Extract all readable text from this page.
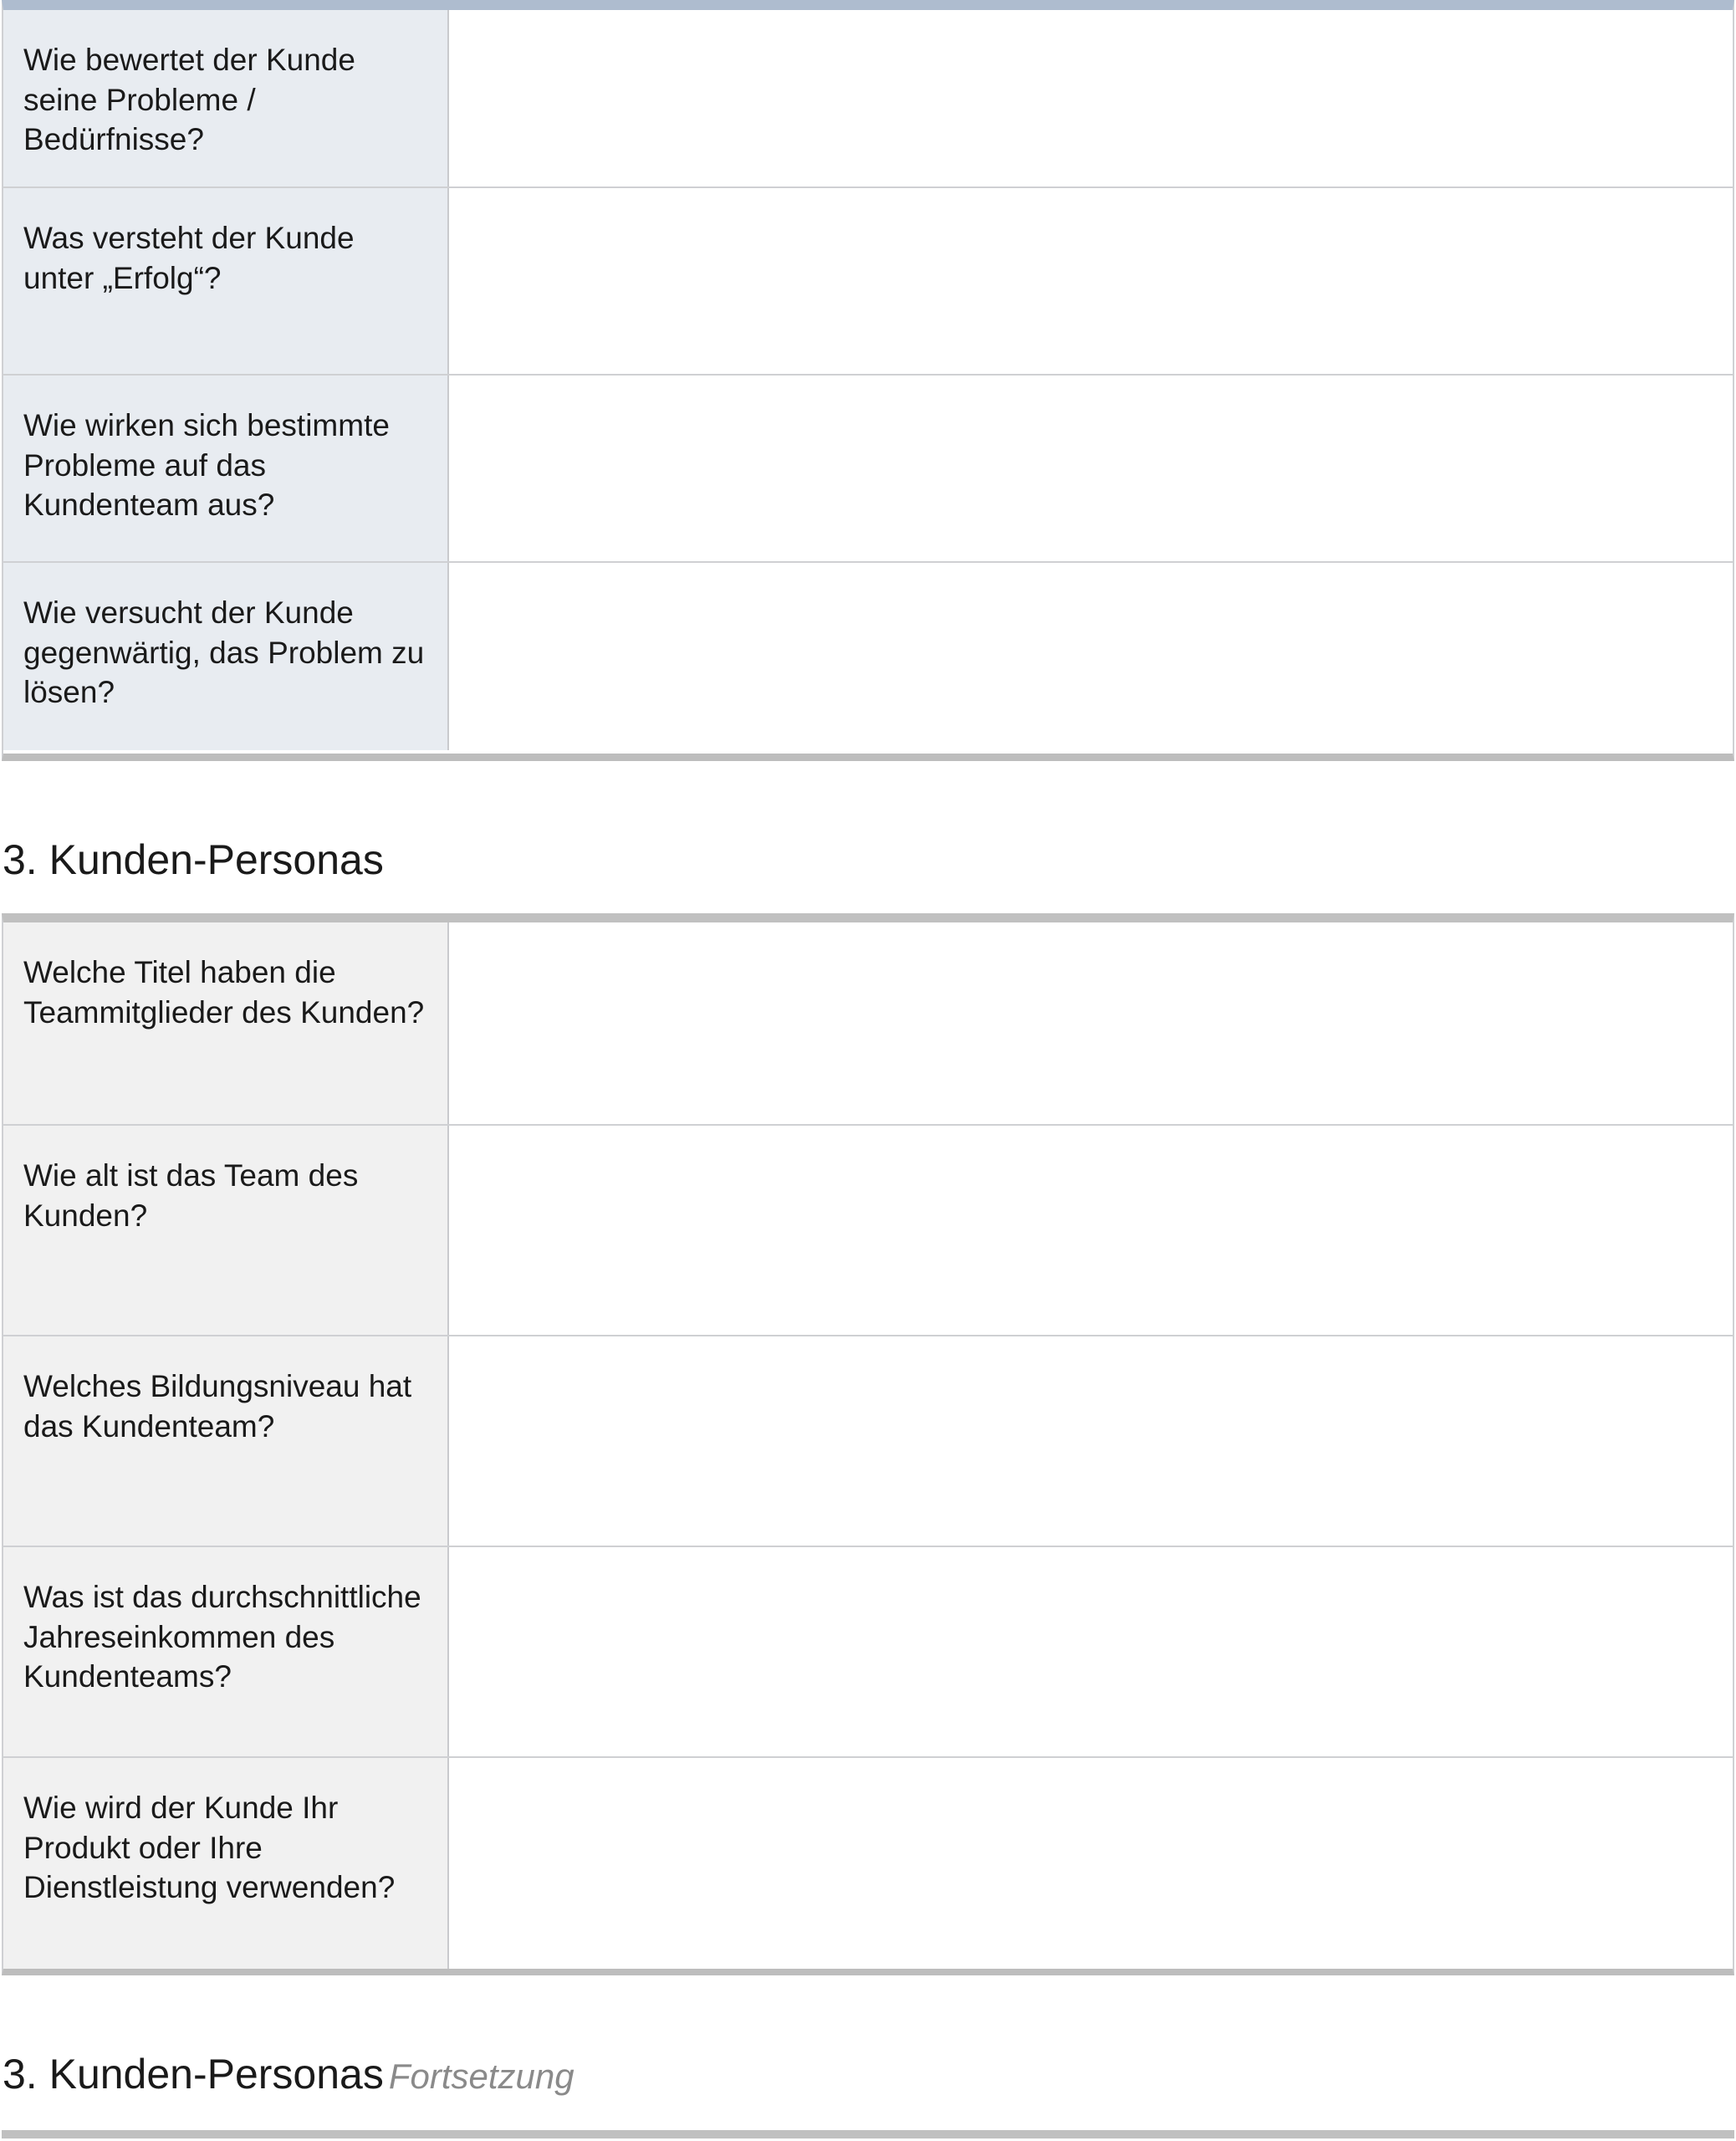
Wie bewertet der Kunde seine Probleme / Bedürfnisse?
Was versteht der Kunde unter „Erfolg“?
Wie wirken sich bestimmte Probleme auf das Kundenteam aus?
Wie versucht der Kunde gegenwärtig, das Problem zu lösen?
3. Kunden-Personas
Welche Titel haben die Teammitglieder des Kunden?
Wie alt ist das Team des Kunden?
Welches Bildungsniveau hat das Kundenteam?
Was ist das durchschnittliche Jahreseinkommen des Kundenteams?
Wie wird der Kunde Ihr Produkt oder Ihre Dienstleistung verwenden?
3. Kunden-Personas Fortsetzung
